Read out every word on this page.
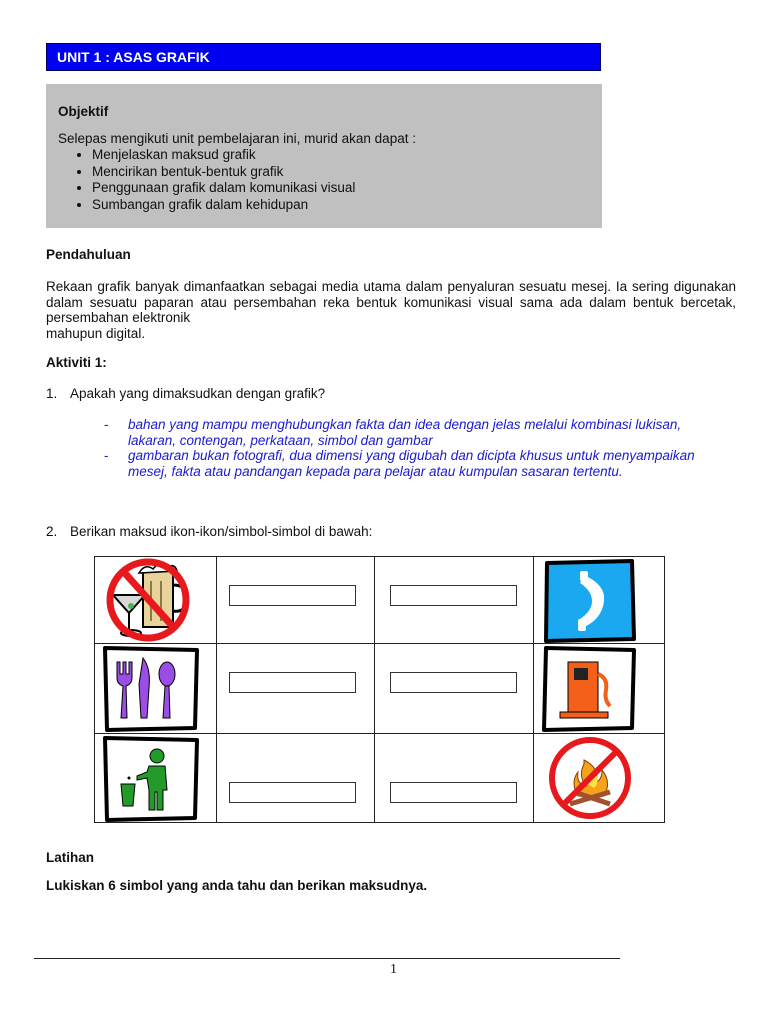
UNIT 1 : ASAS GRAFIK

Objektif

Selepas mengikuti unit pembelajaran ini, murid akan dapat :

• Menjelaskan maksud grafik
• Mencirikan bentuk-bentuk grafik
• Penggunaan grafik dalam komunikasi visual
• Sumbangan grafik dalam kehidupan
Pendahuluan
Rekaan grafik banyak dimanfaatkan sebagai media utama dalam penyaluran sesuatu mesej. Ia sering digunakan dalam sesuatu paparan atau persembahan reka bentuk komunikasi visual sama ada dalam bentuk bercetak, persembahan elektronik
mahupun digital.
Aktiviti 1:
1. Apakah yang dimaksudkan dengan grafik?
-	bahan yang mampu menghubungkan fakta dan idea dengan jelas melalui kombinasi lukisan, lakaran, contengan, perkataan, simbol dan gambar
-	gambaran bukan fotografi, dua dimensi yang digubah dan dicipta khusus untuk menyampaikan mesej, fakta atau pandangan kepada para pelajar atau kumpulan sasaran tertentu.
2. Berikan maksud ikon-ikon/simbol-simbol di bawah:

Latihan
Lukiskan 6 simbol yang anda tahu dan berikan maksudnya.
1
